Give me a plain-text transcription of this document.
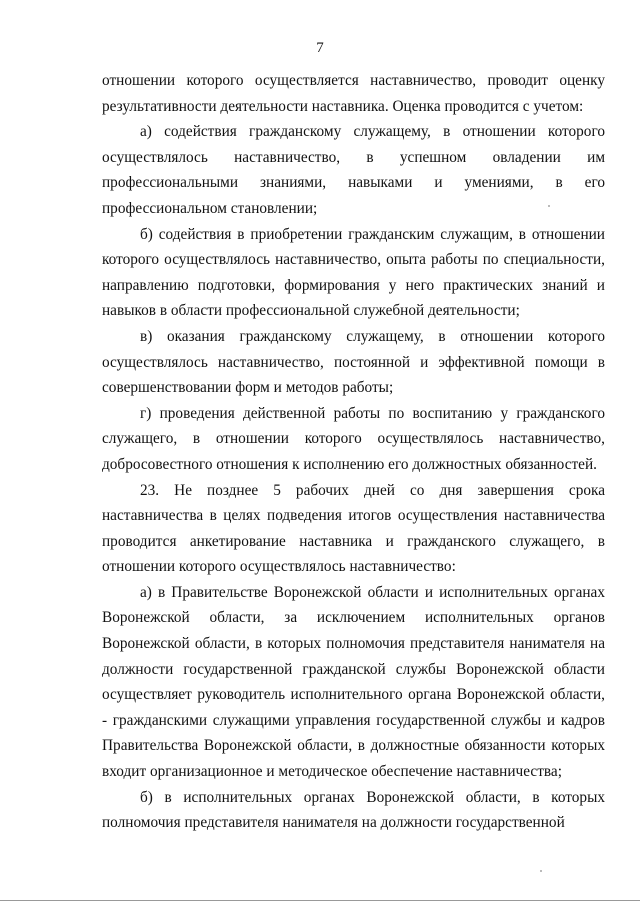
7

отношении которого осуществляется наставничество, проводит оценку результативности деятельности наставника. Оценка проводится с учетом:

а) содействия гражданскому служащему, в отношении которого осуществлялось наставничество, в успешном овладении им профессиональными знаниями, навыками и умениями, в его профессиональном становлении;

б) содействия в приобретении гражданским служащим, в отношении которого осуществлялось наставничество, опыта работы по специальности, направлению подготовки, формирования у него практических знаний и навыков в области профессиональной служебной деятельности;

в) оказания гражданскому служащему, в отношении которого осуществлялось наставничество, постоянной и эффективной помощи в совершенствовании форм и методов работы;

г) проведения действенной работы по воспитанию у гражданского служащего, в отношении которого осуществлялось наставничество, добросовестного отношения к исполнению его должностных обязанностей.

23. Не позднее 5 рабочих дней со дня завершения срока наставничества в целях подведения итогов осуществления наставничества проводится анкетирование наставника и гражданского служащего, в отношении которого осуществлялось наставничество:

а) в Правительстве Воронежской области и исполнительных органах Воронежской области, за исключением исполнительных органов Воронежской области, в которых полномочия представителя нанимателя на должности государственной гражданской службы Воронежской области осуществляет руководитель исполнительного органа Воронежской области, - гражданскими служащими управления государственной службы и кадров Правительства Воронежской области, в должностные обязанности которых входит организационное и методическое обеспечение наставничества;

б) в исполнительных органах Воронежской области, в которых полномочия представителя нанимателя на должности государственной
